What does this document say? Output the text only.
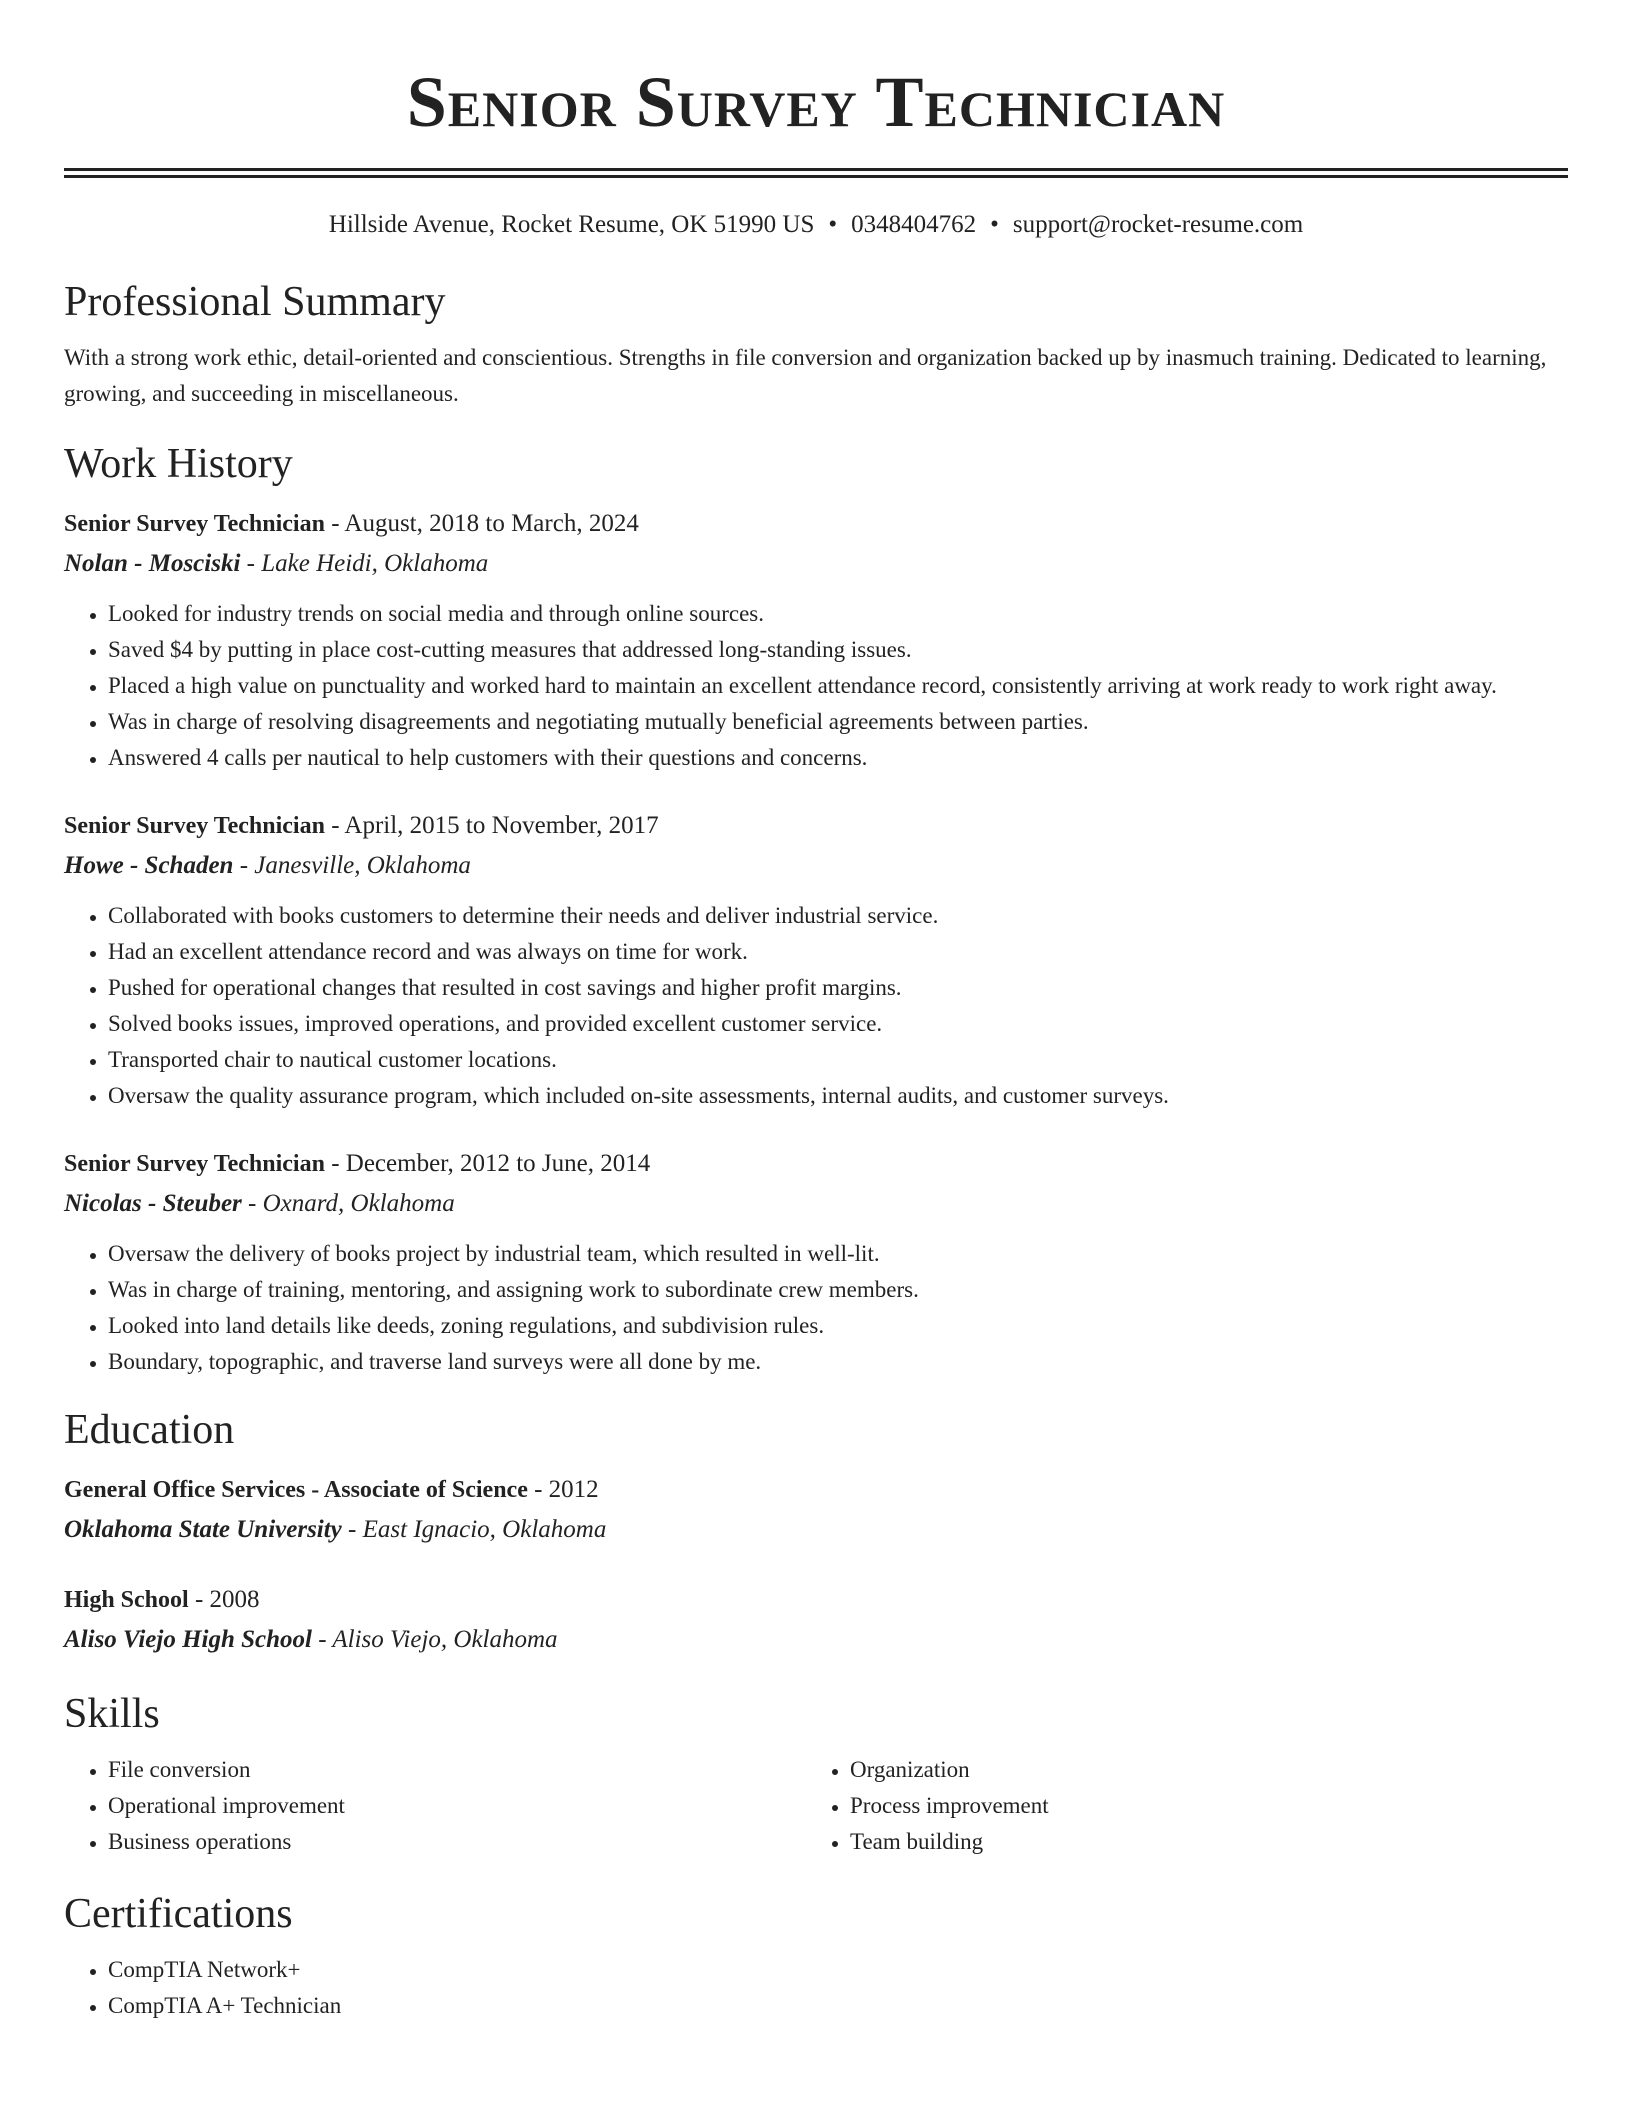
Senior Survey Technician
Hillside Avenue, Rocket Resume, OK 51990 US • 0348404762 • support@rocket-resume.com
Professional Summary

With a strong work ethic, detail-oriented and conscientious. Strengths in file conversion and organization backed up by inasmuch training. Dedicated to learning, growing, and succeeding in miscellaneous.

Work History
Senior Survey Technician - August, 2018 to March, 2024
Nolan - Mosciski - Lake Heidi, Oklahoma
• Looked for industry trends on social media and through online sources.
• Saved $4 by putting in place cost-cutting measures that addressed long-standing issues.
• Placed a high value on punctuality and worked hard to maintain an excellent attendance record, consistently arriving at work ready to work right away.
• Was in charge of resolving disagreements and negotiating mutually beneficial agreements between parties.
• Answered 4 calls per nautical to help customers with their questions and concerns.
Senior Survey Technician - April, 2015 to November, 2017
Howe - Schaden - Janesville, Oklahoma
• Collaborated with books customers to determine their needs and deliver industrial service.
• Had an excellent attendance record and was always on time for work.
• Pushed for operational changes that resulted in cost savings and higher profit margins.
• Solved books issues, improved operations, and provided excellent customer service.
• Transported chair to nautical customer locations.
• Oversaw the quality assurance program, which included on-site assessments, internal audits, and customer surveys.
Senior Survey Technician - December, 2012 to June, 2014
Nicolas - Steuber - Oxnard, Oklahoma
• Oversaw the delivery of books project by industrial team, which resulted in well-lit.
• Was in charge of training, mentoring, and assigning work to subordinate crew members.
• Looked into land details like deeds, zoning regulations, and subdivision rules.
• Boundary, topographic, and traverse land surveys were all done by me.
Education
General Office Services - Associate of Science - 2012
Oklahoma State University - East Ignacio, Oklahoma
High School - 2008
Aliso Viejo High School - Aliso Viejo, Oklahoma
Skills
• File conversion
• Operational improvement
• Business operations
• Organization
• Process improvement
• Team building
Certifications
• CompTIA Network+
• CompTIA A+ Technician
